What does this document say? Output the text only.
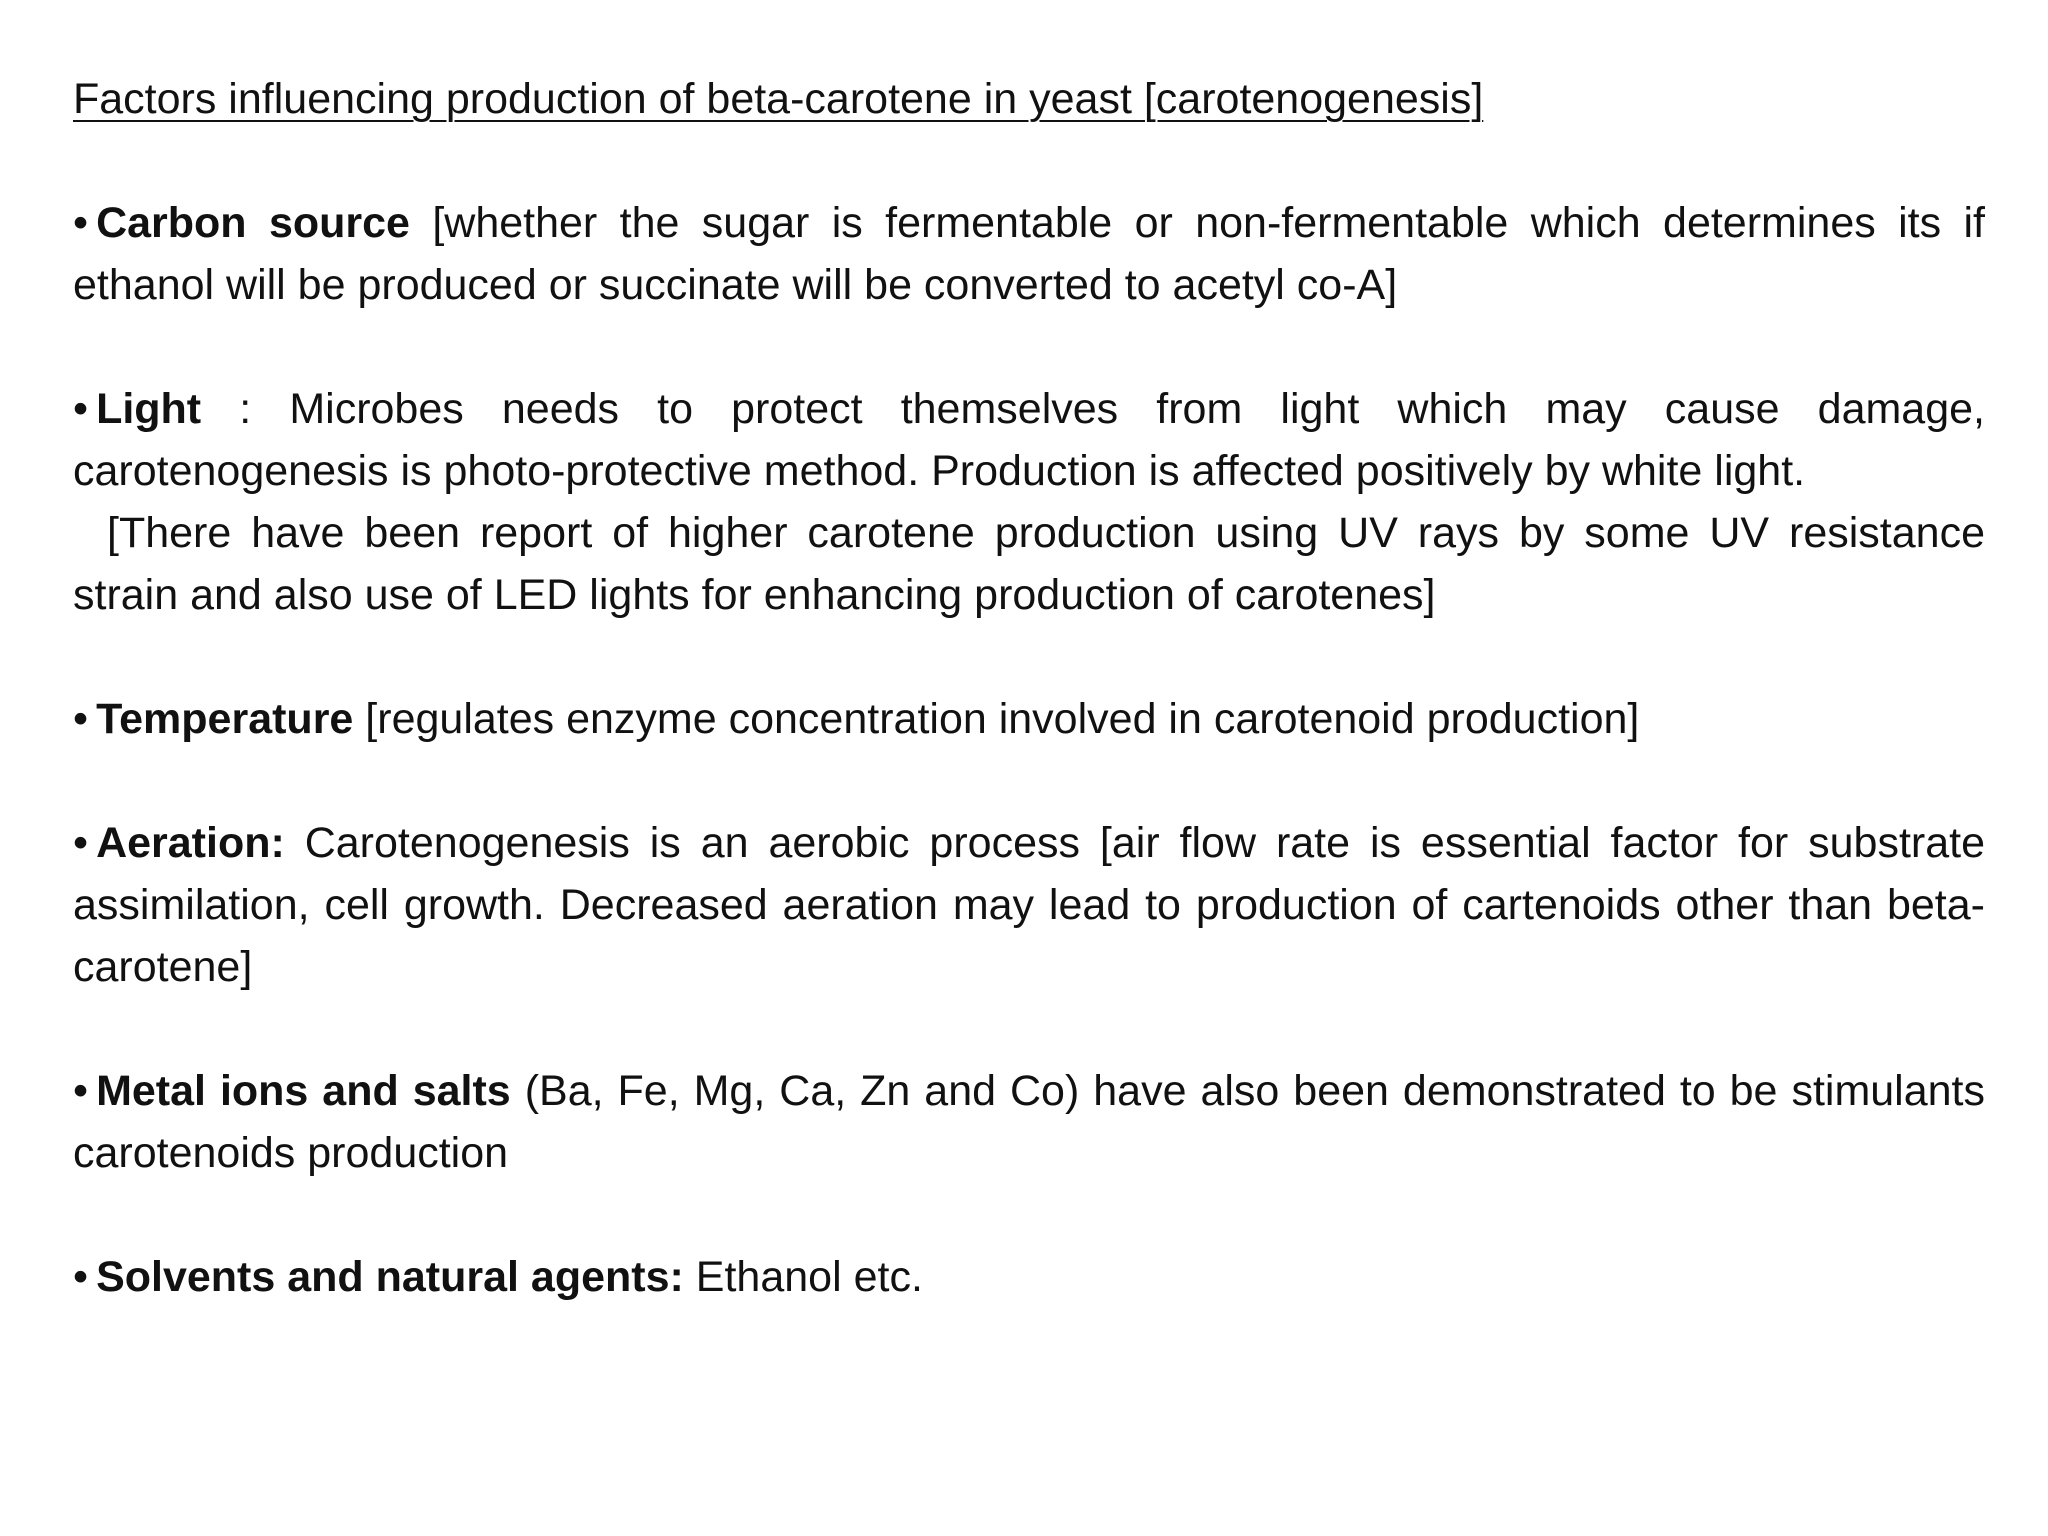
Factors influencing production of beta-carotene in yeast [carotenogenesis]
• Carbon source [whether the sugar is fermentable or non-fermentable which determines its if ethanol will be produced or succinate will be converted to acetyl co-A]
• Light : Microbes needs to protect themselves from light which may cause damage, carotenogenesis is photo-protective method. Production is affected positively by white light.
[There have been report of higher carotene production using UV rays by some UV resistance strain and also use of LED lights for enhancing production of carotenes]
• Temperature [regulates enzyme concentration involved in carotenoid production]
• Aeration: Carotenogenesis is an aerobic process [air flow rate is essential factor for substrate assimilation, cell growth. Decreased aeration may lead to production of cartenoids other than beta-carotene]
• Metal ions and salts (Ba, Fe, Mg, Ca, Zn and Co) have also been demonstrated to be stimulants carotenoids production
• Solvents and natural agents: Ethanol etc.
